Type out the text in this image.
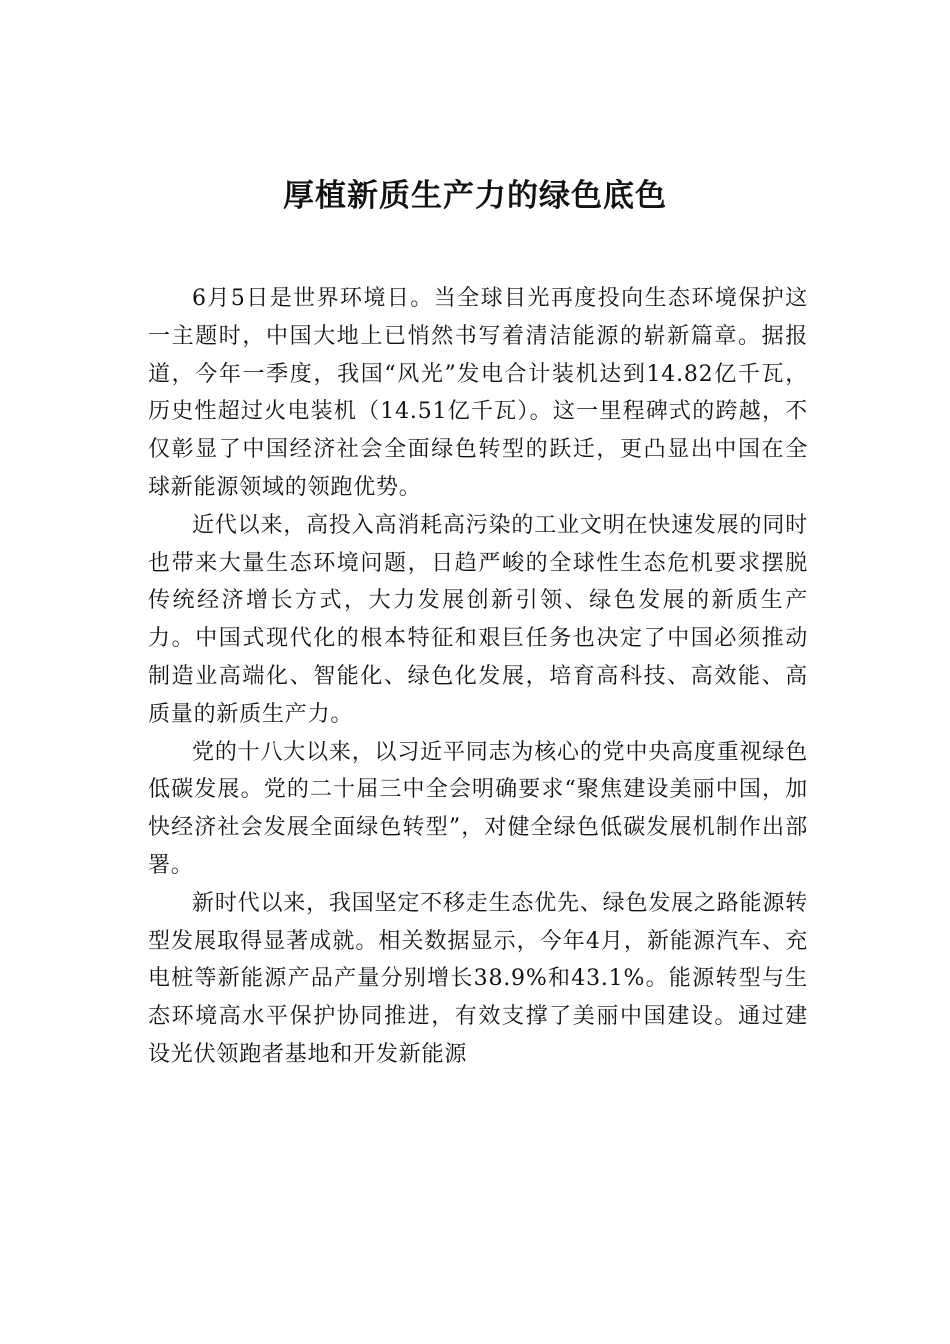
厚植新质生产力的绿色底色

6月5日是世界环境日。当全球目光再度投向生态环境保护这一主题时，中国大地上已悄然书写着清洁能源的崭新篇章。据报道，今年一季度，我国“风光”发电合计装机达到14.82亿千瓦，历史性超过火电装机（14.51亿千瓦）。这一里程碑式的跨越，不仅彰显了中国经济社会全面绿色转型的跃迁，更凸显出中国在全球新能源领域的领跑优势。

近代以来，高投入高消耗高污染的工业文明在快速发展的同时也带来大量生态环境问题，日趋严峻的全球性生态危机要求摆脱传统经济增长方式，大力发展创新引领、绿色发展的新质生产力。中国式现代化的根本特征和艰巨任务也决定了中国必须推动制造业高端化、智能化、绿色化发展，培育高科技、高效能、高质量的新质生产力。

党的十八大以来，以习近平同志为核心的党中央高度重视绿色低碳发展。党的二十届三中全会明确要求“聚焦建设美丽中国，加快经济社会发展全面绿色转型”，对健全绿色低碳发展机制作出部署。

新时代以来，我国坚定不移走生态优先、绿色发展之路能源转型发展取得显著成就。相关数据显示，今年4月，新能源汽车、充电桩等新能源产品产量分别增长38.9%和43.1%。能源转型与生态环境高水平保护协同推进，有效支撑了美丽中国建设。通过建设光伏领跑者基地和开发新能源
